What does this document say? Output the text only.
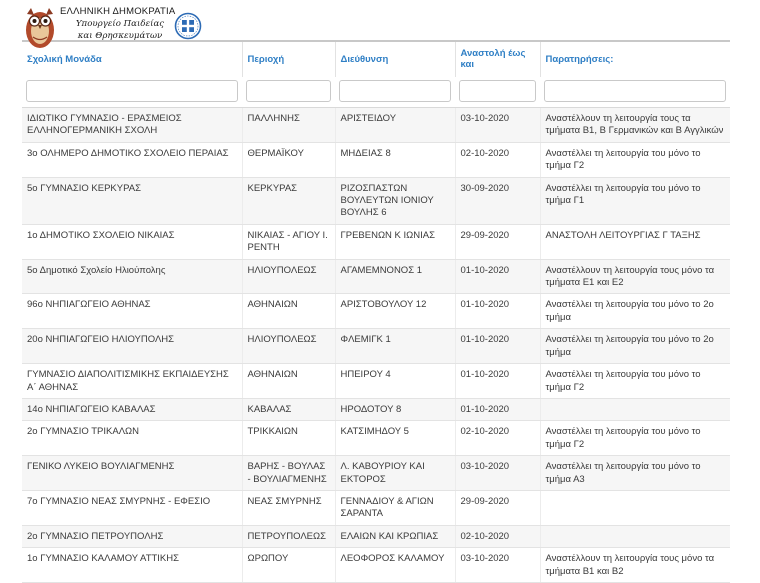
ΕΛΛΗΝΙΚΗ ΔΗΜΟΚΡΑΤΙΑ
Υπουργείο Παιδείας
και Θρησκευμάτων
Σχολική Μονάδα	Περιοχή	Διεύθυνση	Αναστολή έως και	Παρατηρήσεις:

ΙΔΙΩΤΙΚΟ ΓΥΜΝΑΣΙΟ - ΕΡΑΣΜΕΙΟΣ ΕΛΛΗΝΟΓΕΡΜΑΝΙΚΗ ΣΧΟΛΗ	ΠΑΛΛΗΝΗΣ	ΑΡΙΣΤΕΙΔΟΥ	03-10-2020	Αναστέλλουν τη λειτουργία τους τα τμήματα Β1, Β Γερμανικών και Β Αγγλικών
3ο ΟΛΗΜΕΡΟ ΔΗΜΟΤΙΚΟ ΣΧΟΛΕΙΟ ΠΕΡΑΙΑΣ	ΘΕΡΜΑΪΚΟΥ	ΜΗΔΕΙΑΣ 8	02-10-2020	Αναστέλλει τη λειτουργία του μόνο το τμήμα Γ2
5ο ΓΥΜΝΑΣΙΟ ΚΕΡΚΥΡΑΣ	ΚΕΡΚΥΡΑΣ	ΡΙΖΟΣΠΑΣΤΩΝ ΒΟΥΛΕΥΤΩΝ ΙΟΝΙΟΥ ΒΟΥΛΗΣ 6	30-09-2020	Αναστέλλει τη λειτουργία του μόνο το τμήμα Γ1
1ο ΔΗΜΟΤΙΚΟ ΣΧΟΛΕΙΟ ΝΙΚΑΙΑΣ	ΝΙΚΑΙΑΣ - ΑΓΙΟΥ Ι. ΡΕΝΤΗ	ΓΡΕΒΕΝΩΝ Κ ΙΩΝΙΑΣ	29-09-2020	ΑΝΑΣΤΟΛΗ ΛΕΙΤΟΥΡΓΙΑΣ Γ ΤΑΞΗΣ
5ο Δημοτικό Σχολείο Ηλιούπολης	ΗΛΙΟΥΠΟΛΕΩΣ	ΑΓΑΜΕΜΝΟΝΟΣ 1	01-10-2020	Αναστέλλουν τη λειτουργία τους μόνο τα τμήματα Ε1 και Ε2
96ο ΝΗΠΙΑΓΩΓΕΙΟ ΑΘΗΝΑΣ	ΑΘΗΝΑΙΩΝ	ΑΡΙΣΤΟΒΟΥΛΟΥ 12	01-10-2020	Αναστέλλει τη λειτουργία του μόνο το 2ο τμήμα
20ο ΝΗΠΙΑΓΩΓΕΙΟ ΗΛΙΟΥΠΟΛΗΣ	ΗΛΙΟΥΠΟΛΕΩΣ	ΦΛΕΜΙΓΚ 1	01-10-2020	Αναστέλλει τη λειτουργία του μόνο το 2ο τμήμα
ΓΥΜΝΑΣΙΟ ΔΙΑΠΟΛΙΤΙΣΜΙΚΗΣ ΕΚΠΑΙΔΕΥΣΗΣ Α΄ ΑΘΗΝΑΣ	ΑΘΗΝΑΙΩΝ	ΗΠΕΙΡΟΥ 4	01-10-2020	Αναστέλλει τη λειτουργία του μόνο το τμήμα Γ2
14ο ΝΗΠΙΑΓΩΓΕΙΟ ΚΑΒΑΛΑΣ	ΚΑΒΑΛΑΣ	ΗΡΟΔΟΤΟΥ 8	01-10-2020	
2ο ΓΥΜΝΑΣΙΟ ΤΡΙΚΑΛΩΝ	ΤΡΙΚΚΑΙΩΝ	ΚΑΤΣΙΜΗΔΟΥ 5	02-10-2020	Αναστέλλει τη λειτουργία του μόνο το τμήμα Γ2
ΓΕΝΙΚΟ ΛΥΚΕΙΟ ΒΟΥΛΙΑΓΜΕΝΗΣ	ΒΑΡΗΣ - ΒΟΥΛΑΣ - ΒΟΥΛΙΑΓΜΕΝΗΣ	Λ. ΚΑΒΟΥΡΙΟΥ ΚΑΙ ΕΚΤΟΡΟΣ	03-10-2020	Αναστέλλει τη λειτουργία του μόνο το τμήμα Α3
7ο ΓΥΜΝΑΣΙΟ ΝΕΑΣ ΣΜΥΡΝΗΣ - ΕΦΕΣΙΟ	ΝΕΑΣ ΣΜΥΡΝΗΣ	ΓΕΝΝΑΔΙΟΥ & ΑΓΙΩΝ ΣΑΡΑΝΤΑ	29-09-2020	
2ο ΓΥΜΝΑΣΙΟ ΠΕΤΡΟΥΠΟΛΗΣ	ΠΕΤΡΟΥΠΟΛΕΩΣ	ΕΛΑΙΩΝ ΚΑΙ ΚΡΩΠΙΑΣ	02-10-2020	
1ο ΓΥΜΝΑΣΙΟ ΚΑΛΑΜΟΥ ΑΤΤΙΚΗΣ	ΩΡΩΠΟΥ	ΛΕΟΦΟΡΟΣ ΚΑΛΑΜΟΥ	03-10-2020	Αναστέλλουν τη λειτουργία τους μόνο τα τμήματα Β1 και Β2
